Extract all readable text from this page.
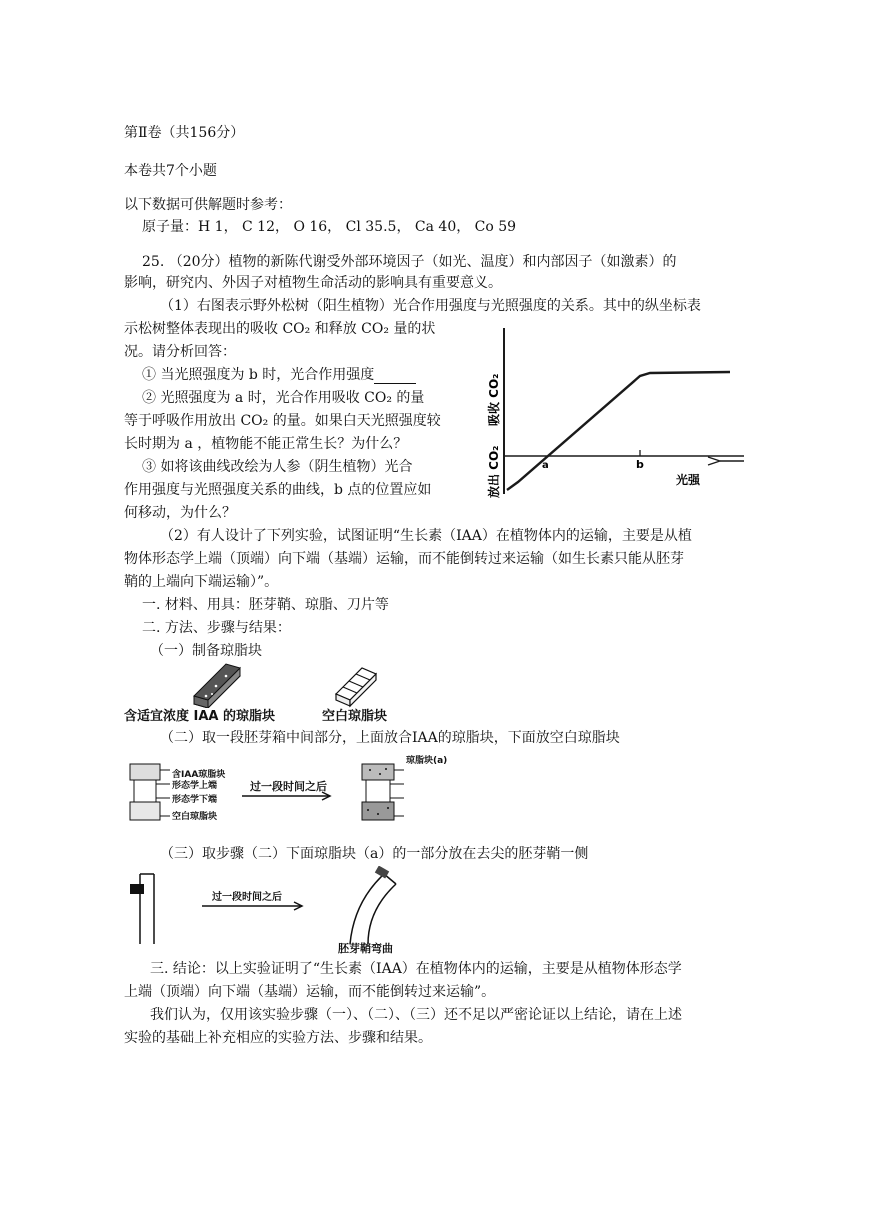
第Ⅱ卷（共156分）
本卷共7个小题
以下数据可供解题时参考：
原子量：H 1， C 12， O 16， Cl 35.5， Ca 40， Co 59
25. （20分）植物的新陈代谢受外部环境因子（如光、温度）和内部因子（如激素）的
影响，研究内、外因子对植物生命活动的影响具有重要意义。
（1）右图表示野外松树（阳生植物）光合作用强度与光照强度的关系。其中的纵坐标表
示松树整体表现出的吸收 CO₂ 和释放 CO₂ 量的状
况。请分析回答：
① 当光照强度为 b 时，光合作用强度
② 光照强度为 a 时，光合作用吸收 CO₂ 的量
等于呼吸作用放出 CO₂ 的量。如果白天光照强度较
长时期为 a ，植物能不能正常生长？为什么？
③ 如将该曲线改绘为人参（阴生植物）光合
作用强度与光照强度关系的曲线，b 点的位置应如
何移动，为什么？
a	b
光强
吸收 CO₂
放出 CO₂
（2）有人设计了下列实验，试图证明“生长素（IAA）在植物体内的运输，主要是从植
物体形态学上端（顶端）向下端（基端）运输，而不能倒转过来运输（如生长素只能从胚芽
鞘的上端向下端运输）”。
一. 材料、用具：胚芽鞘、琼脂、刀片等
二. 方法、步骤与结果：
（一）制备琼脂块
含适宜浓度 IAA 的琼脂块	空白琼脂块
（二）取一段胚芽箱中间部分，上面放合IAA的琼脂块，下面放空白琼脂块
含IAA琼脂块
形态学上端
形态学下端
空白琼脂块
过一段时间之后
琼脂块(a)
（三）取步骤（二）下面琼脂块（a）的一部分放在去尖的胚芽鞘一侧
过一段时间之后
胚芽鞘弯曲
三. 结论：以上实验证明了“生长素（IAA）在植物体内的运输，主要是从植物体形态学
上端（顶端）向下端（基端）运输，而不能倒转过来运输”。
我们认为，仅用该实验步骤（一）、（二）、（三）还不足以严密论证以上结论，请在上述
实验的基础上补充相应的实验方法、步骤和结果。
